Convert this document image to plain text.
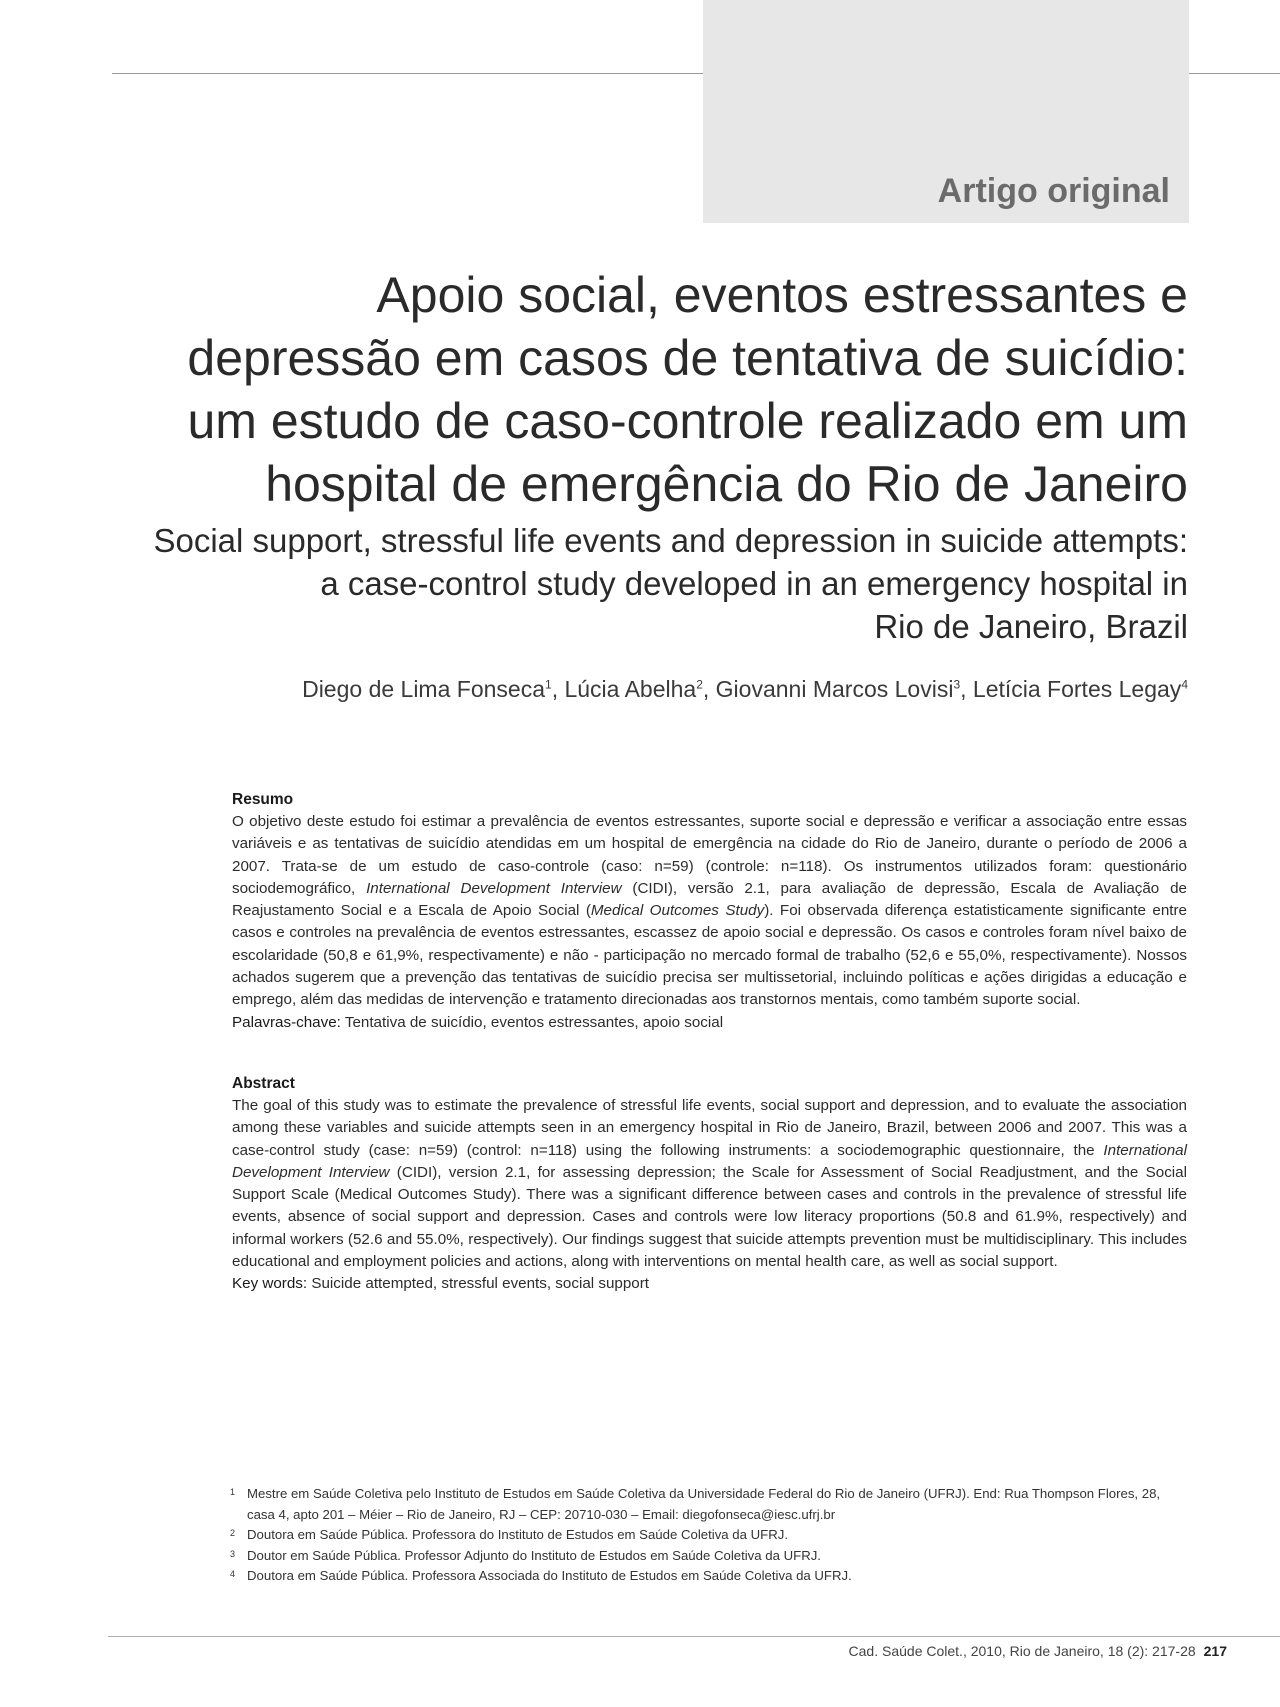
Artigo original
Apoio social, eventos estressantes e
depressão em casos de tentativa de suicídio:
um estudo de caso-controle realizado em um
hospital de emergência do Rio de Janeiro
Social support, stressful life events and depression in suicide attempts:
a case-control study developed in an emergency hospital in
Rio de Janeiro, Brazil
Diego de Lima Fonseca$^1$, Lúcia Abelha$^2$, Giovanni Marcos Lovisi$^3$, Letícia Fortes Legay$^4$
Resumo

O objetivo deste estudo foi estimar a prevalência de eventos estressantes, suporte social e depressão e verificar a associação entre essas variáveis e as tentativas de suicídio atendidas em um hospital de emergência na cidade do Rio de Janeiro, durante o período de 2006 a 2007. Trata-se de um estudo de caso-controle (caso: n=59) (controle: n=118). Os instrumentos utilizados foram: questionário sociodemográfico, International Development Interview (CIDI), versão 2.1, para avaliação de depressão, Escala de Avaliação de Reajustamento Social e a Escala de Apoio Social (Medical Outcomes Study). Foi observada diferença estatisticamente significante entre casos e controles na prevalência de eventos estressantes, escassez de apoio social e depressão. Os casos e controles foram nível baixo de escolaridade (50,8 e 61,9%, respectivamente) e não - participação no mercado formal de trabalho (52,6 e 55,0%, respectivamente). Nossos achados sugerem que a prevenção das tentativas de suicídio precisa ser multissetorial, incluindo políticas e ações dirigidas a educação e emprego, além das medidas de intervenção e tratamento direcionadas aos transtornos mentais, como também suporte social.

Palavras-chave: Tentativa de suicídio, eventos estressantes, apoio social

Abstract

The goal of this study was to estimate the prevalence of stressful life events, social support and depression, and to evaluate the association among these variables and suicide attempts seen in an emergency hospital in Rio de Janeiro, Brazil, between 2006 and 2007. This was a case-control study (case: n=59) (control: n=118) using the following instruments: a sociodemographic questionnaire, the International Development Interview (CIDI), version 2.1, for assessing depression; the Scale for Assessment of Social Readjustment, and the Social Support Scale (Medical Outcomes Study). There was a significant difference between cases and controls in the prevalence of stressful life events, absence of social support and depression. Cases and controls were low literacy proportions (50.8 and 61.9%, respectively) and informal workers (52.6 and 55.0%, respectively). Our findings suggest that suicide attempts prevention must be multidisciplinary. This includes educational and employment policies and actions, along with interventions on mental health care, as well as social support.

Key words: Suicide attempted, stressful events, social support

1 Mestre em Saúde Coletiva pelo Instituto de Estudos em Saúde Coletiva da Universidade Federal do Rio de Janeiro (UFRJ). End: Rua Thompson Flores, 28, casa 4, apto 201 – Méier – Rio de Janeiro, RJ – CEP: 20710-030 – Email: diegofonseca@iesc.ufrj.br
2 Doutora em Saúde Pública. Professora do Instituto de Estudos em Saúde Coletiva da UFRJ.
3 Doutor em Saúde Pública. Professor Adjunto do Instituto de Estudos em Saúde Coletiva da UFRJ.
4 Doutora em Saúde Pública. Professora Associada do Instituto de Estudos em Saúde Coletiva da UFRJ.
Cad. Saúde Colet., 2010, Rio de Janeiro, 18 (2): 217-28 217
